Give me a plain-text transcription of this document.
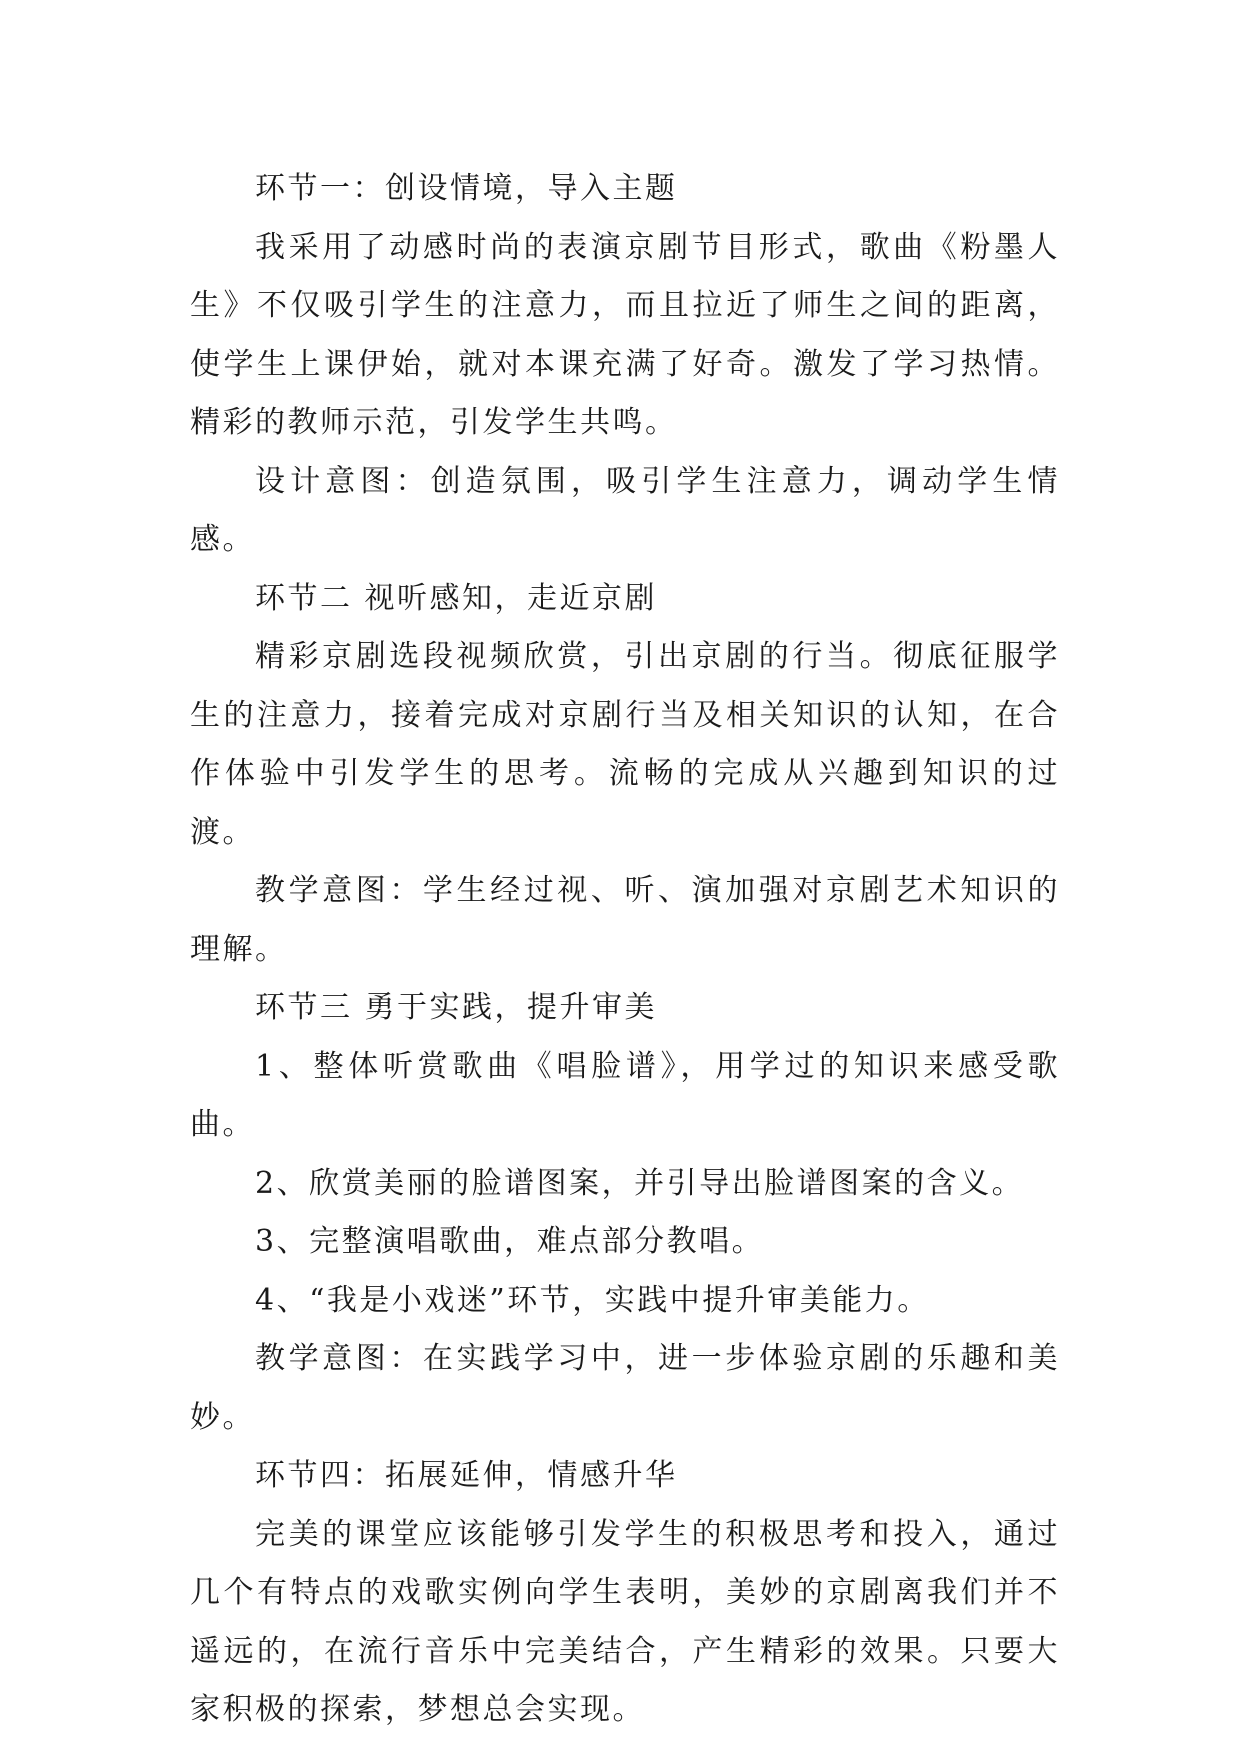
环节一：创设情境，导入主题

我采用了动感时尚的表演京剧节目形式，歌曲《粉墨人生》不仅吸引学生的注意力，而且拉近了师生之间的距离，使学生上课伊始，就对本课充满了好奇。激发了学习热情。精彩的教师示范，引发学生共鸣。

设计意图：创造氛围，吸引学生注意力，调动学生情感。

环节二 视听感知，走近京剧

精彩京剧选段视频欣赏，引出京剧的行当。彻底征服学生的注意力，接着完成对京剧行当及相关知识的认知，在合作体验中引发学生的思考。流畅的完成从兴趣到知识的过渡。

教学意图：学生经过视、听、演加强对京剧艺术知识的理解。

环节三 勇于实践，提升审美

1、整体听赏歌曲《唱脸谱》，用学过的知识来感受歌曲。

2、欣赏美丽的脸谱图案，并引导出脸谱图案的含义。

3、完整演唱歌曲，难点部分教唱。

4、“我是小戏迷”环节，实践中提升审美能力。

教学意图：在实践学习中，进一步体验京剧的乐趣和美妙。

环节四：拓展延伸，情感升华

完美的课堂应该能够引发学生的积极思考和投入，通过几个有特点的戏歌实例向学生表明，美妙的京剧离我们并不遥远的，在流行音乐中完美结合，产生精彩的效果。只要大家积极的探索，梦想总会实现。
